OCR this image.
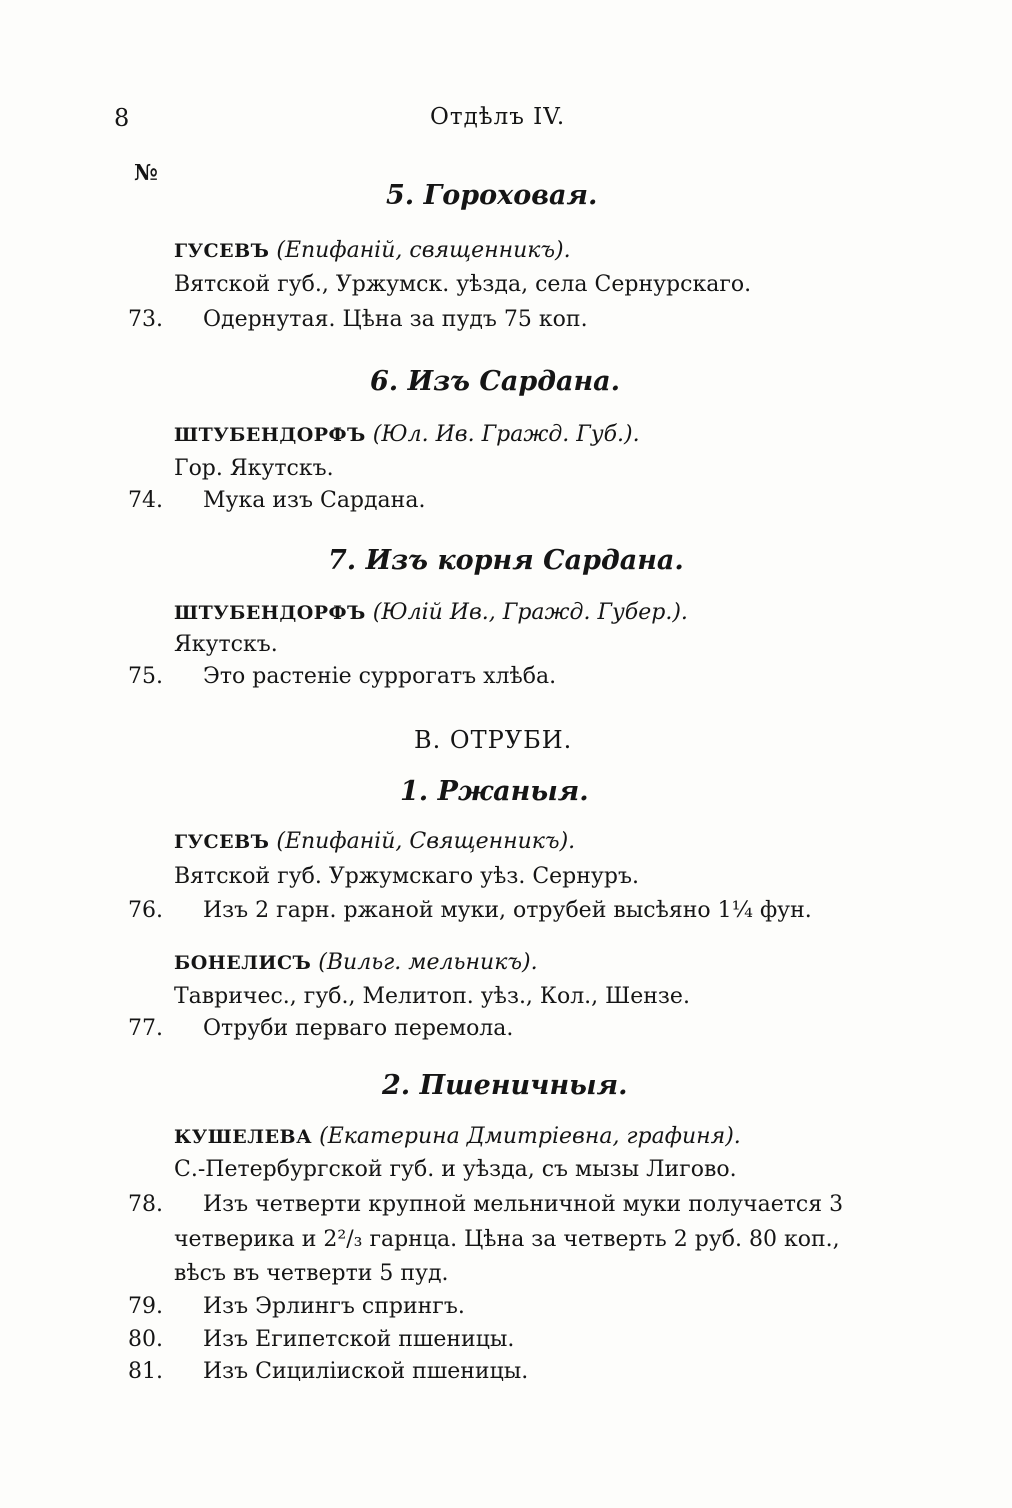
8	Отдѣлъ IV.
№
5. Гороховая.
ГУСЕВЪ (Епифаній, священникъ).
Вятской губ., Уржумск. уѣзда, села Сернурскаго.
73. Одернутая. Цѣна за пудъ 75 коп.
6. Изъ Сардана.
ШТУБЕНДОРФЪ (Юл. Ив. Гражд. Губ.).
Гор. Якутскъ.
74. Мука изъ Сардана.
7. Изъ корня Сардана.
ШТУБЕНДОРФЪ (Юлій Ив., Гражд. Губер.).
Якутскъ.
75. Это растеніе суррогатъ хлѣба.
В. ОТРУБИ.
1. Ржаныя.
ГУСЕВЪ (Епифаній, Священникъ).
Вятской губ. Уржумскаго уѣз. Сернуръ.
76. Изъ 2 гарн. ржаной муки, отрубей высѣяно 1¼ фун.
БОНЕЛИСЪ (Вильг. мельникъ).
Тавричес., губ., Мелитоп. уѣз., Кол., Шензе.
77. Отруби перваго перемола.
2. Пшеничныя.
КУШЕЛЕВА (Екатерина Дмитріевна, графиня).
С.-Петербургской губ. и уѣзда, съ мызы Лигово.
78. Изъ четверти крупной мельничной муки получается 3
четверика и 2²/₃ гарнца. Цѣна за четверть 2 руб. 80 коп.,
вѣсъ въ четверти 5 пуд.
79. Изъ Эрлингъ спрингъ.
80. Изъ Египетской пшеницы.
81. Изъ Сициліиской пшеницы.
